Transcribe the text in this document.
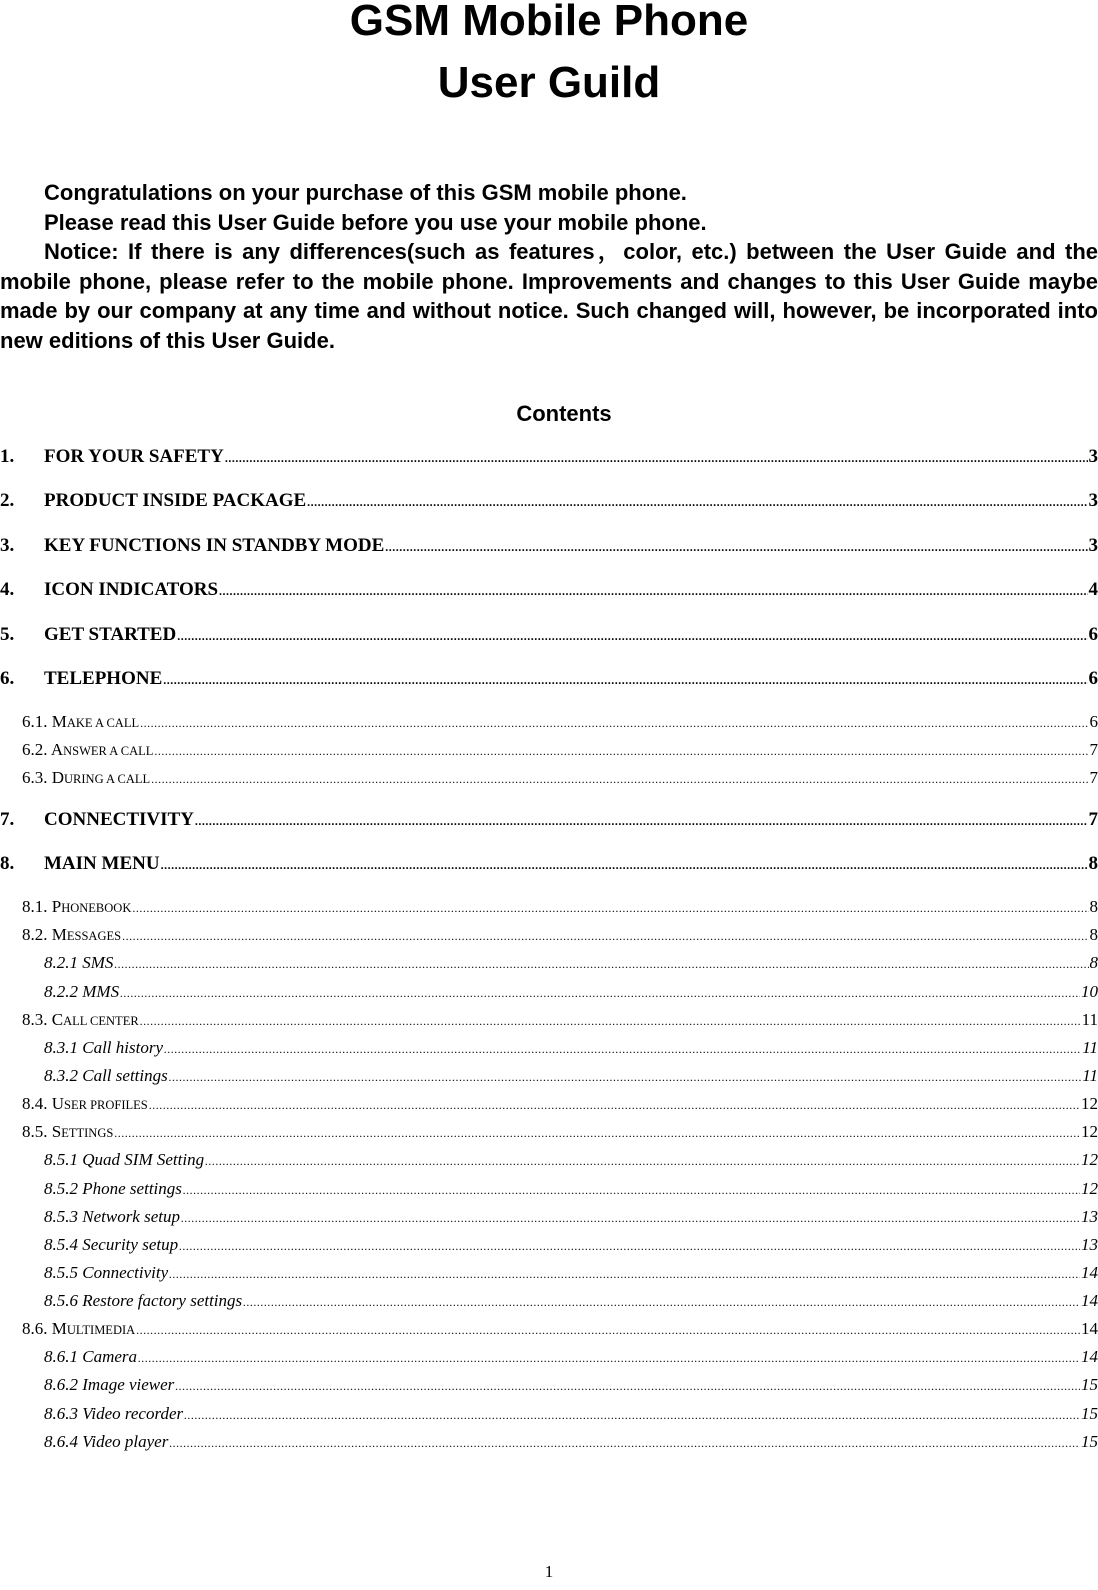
GSM Mobile Phone
User Guild

Congratulations on your purchase of this GSM mobile phone.

Please read this User Guide before you use your mobile phone.

Notice: If there is any differences(such as features，color, etc.) between the User Guide and the mobile phone, please refer to the mobile phone. Improvements and changes to this User Guide maybe made by our company at any time and without notice. Such changed will, however, be incorporated into new editions of this User Guide.

Contents
1. FOR YOUR SAFETY .....	3
2. PRODUCT INSIDE PACKAGE .....	3
3. KEY FUNCTIONS IN STANDBY MODE .....	3
4. ICON INDICATORS .....	4
5. GET STARTED .....	6
6. TELEPHONE .....	6
6.1. MAKE A CALL .....	6
6.2. ANSWER A CALL .....	7
6.3. DURING A CALL .....	7
7. CONNECTIVITY .....	7
8. MAIN MENU .....	8
8.1. PHONEBOOK .....	8
8.2. MESSAGES .....	8
8.2.1 SMS .....	8
8.2.2 MMS .....	10
8.3. CALL CENTER .....	11
8.3.1 Call history .....	11
8.3.2 Call settings .....	11
8.4. USER PROFILES .....	12
8.5. SETTINGS .....	12
8.5.1 Quad SIM Setting .....	12
8.5.2 Phone settings .....	12
8.5.3 Network setup .....	13
8.5.4 Security setup .....	13
8.5.5 Connectivity .....	14
8.5.6 Restore factory settings .....	14
8.6. MULTIMEDIA .....	14
8.6.1 Camera .....	14
8.6.2 Image viewer .....	15
8.6.3 Video recorder .....	15
8.6.4 Video player .....	15
1
